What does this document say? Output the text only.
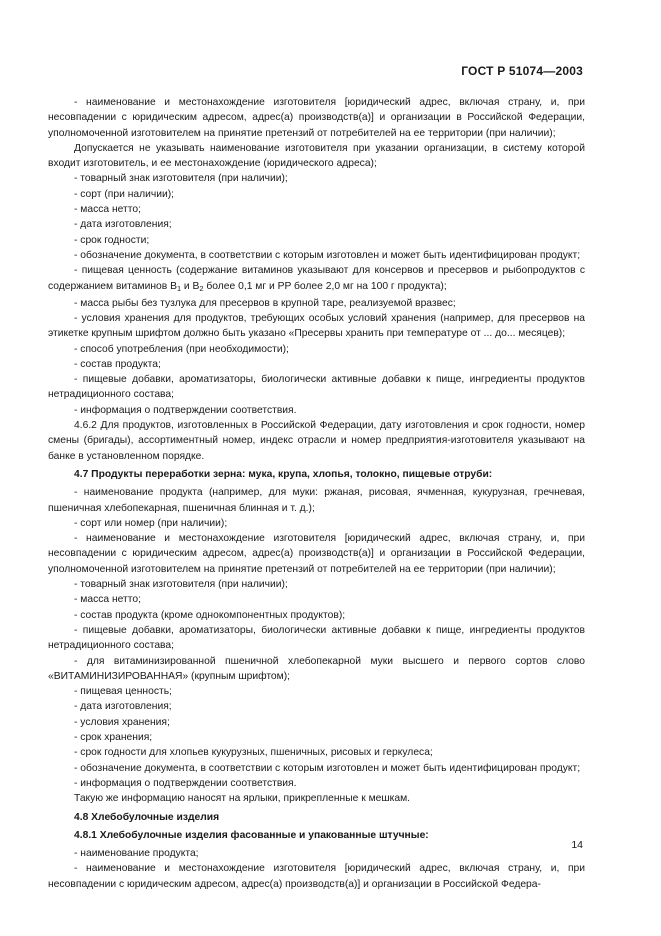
ГОСТ Р 51074—2003

- наименование и местонахождение изготовителя [юридический адрес, включая страну, и, при несовпадении с юридическим адресом, адрес(а) производств(а)] и организации в Российской Федерации, уполномоченной изготовителем на принятие претензий от потребителей на ее территории (при наличии);

Допускается не указывать наименование изготовителя при указании организации, в систему которой входит изготовитель, и ее местонахождение (юридического адреса);

- товарный знак изготовителя (при наличии);

- сорт (при наличии);

- масса нетто;

- дата изготовления;

- срок годности;

- обозначение документа, в соответствии с которым изготовлен и может быть идентифицирован продукт;

- пищевая ценность (содержание витаминов указывают для консервов и пресервов и рыбопродуктов с содержанием витаминов $B_1$ и $B_2$ более 0,1 мг и PP более 2,0 мг на 100 г продукта);

- масса рыбы без тузлука для пресервов в крупной таре, реализуемой вразвес;

- условия хранения для продуктов, требующих особых условий хранения (например, для пресервов на этикетке крупным шрифтом должно быть указано «Пресервы хранить при температуре от ... до... месяцев);

- способ употребления (при необходимости);

- состав продукта;

- пищевые добавки, ароматизаторы, биологически активные добавки к пище, ингредиенты продуктов нетрадиционного состава;

- информация о подтверждении соответствия.

4.6.2 Для продуктов, изготовленных в Российской Федерации, дату изготовления и срок годности, номер смены (бригады), ассортиментный номер, индекс отрасли и номер предприятия-изготовителя указывают на банке в установленном порядке.

4.7 Продукты переработки зерна: мука, крупа, хлопья, толокно, пищевые отруби:

- наименование продукта (например, для муки: ржаная, рисовая, ячменная, кукурузная, гречневая, пшеничная хлебопекарная, пшеничная блинная и т. д.);

- сорт или номер (при наличии);

- наименование и местонахождение изготовителя [юридический адрес, включая страну, и, при несовпадении с юридическим адресом, адрес(а) производств(а)] и организации в Российской Федерации, уполномоченной изготовителем на принятие претензий от потребителей на ее территории (при наличии);

- товарный знак изготовителя (при наличии);

- масса нетто;

- состав продукта (кроме однокомпонентных продуктов);

- пищевые добавки, ароматизаторы, биологически активные добавки к пище, ингредиенты продуктов нетрадиционного состава;

- для витаминизированной пшеничной хлебопекарной муки высшего и первого сортов слово «ВИТАМИНИЗИРОВАННАЯ» (крупным шрифтом);

- пищевая ценность;

- дата изготовления;

- условия хранения;

- срок хранения;

- срок годности для хлопьев кукурузных, пшеничных, рисовых и геркулеса;

- обозначение документа, в соответствии с которым изготовлен и может быть идентифицирован продукт;

- информация о подтверждении соответствия.

Такую же информацию наносят на ярлыки, прикрепленные к мешкам.

4.8 Хлебобулочные изделия

4.8.1 Хлебобулочные изделия фасованные и упакованные штучные:

- наименование продукта;

- наименование и местонахождение изготовителя [юридический адрес, включая страну, и, при несовпадении с юридическим адресом, адрес(а) производств(а)] и организации в Российской Федера-

14
